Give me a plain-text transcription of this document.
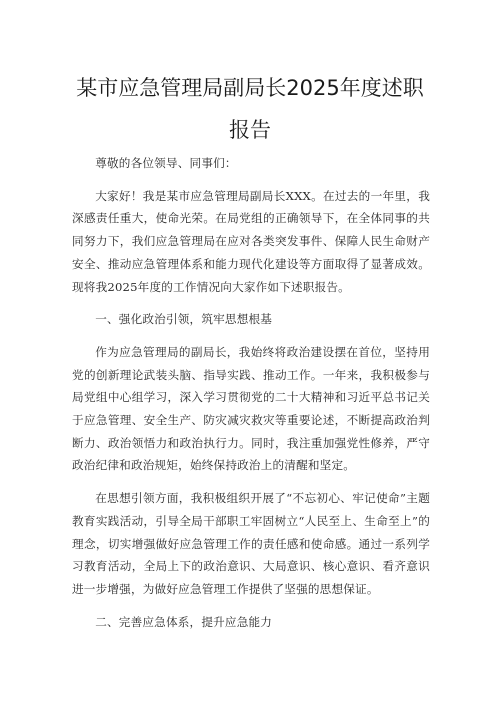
某市应急管理局副局长2025年度述职
报告

尊敬的各位领导、同事们：

大家好！我是某市应急管理局副局长XXX。在过去的一年里，我深感责任重大，使命光荣。在局党组的正确领导下，在全体同事的共同努力下，我们应急管理局在应对各类突发事件、保障人民生命财产安全、推动应急管理体系和能力现代化建设等方面取得了显著成效。现将我2025年度的工作情况向大家作如下述职报告。

一、强化政治引领，筑牢思想根基

作为应急管理局的副局长，我始终将政治建设摆在首位，坚持用党的创新理论武装头脑、指导实践、推动工作。一年来，我积极参与局党组中心组学习，深入学习贯彻党的二十大精神和习近平总书记关于应急管理、安全生产、防灾减灾救灾等重要论述，不断提高政治判断力、政治领悟力和政治执行力。同时，我注重加强党性修养，严守政治纪律和政治规矩，始终保持政治上的清醒和坚定。

在思想引领方面，我积极组织开展了“不忘初心、牢记使命”主题教育实践活动，引导全局干部职工牢固树立“人民至上、生命至上”的理念，切实增强做好应急管理工作的责任感和使命感。通过一系列学习教育活动，全局上下的政治意识、大局意识、核心意识、看齐意识进一步增强，为做好应急管理工作提供了坚强的思想保证。

二、完善应急体系，提升应急能力
